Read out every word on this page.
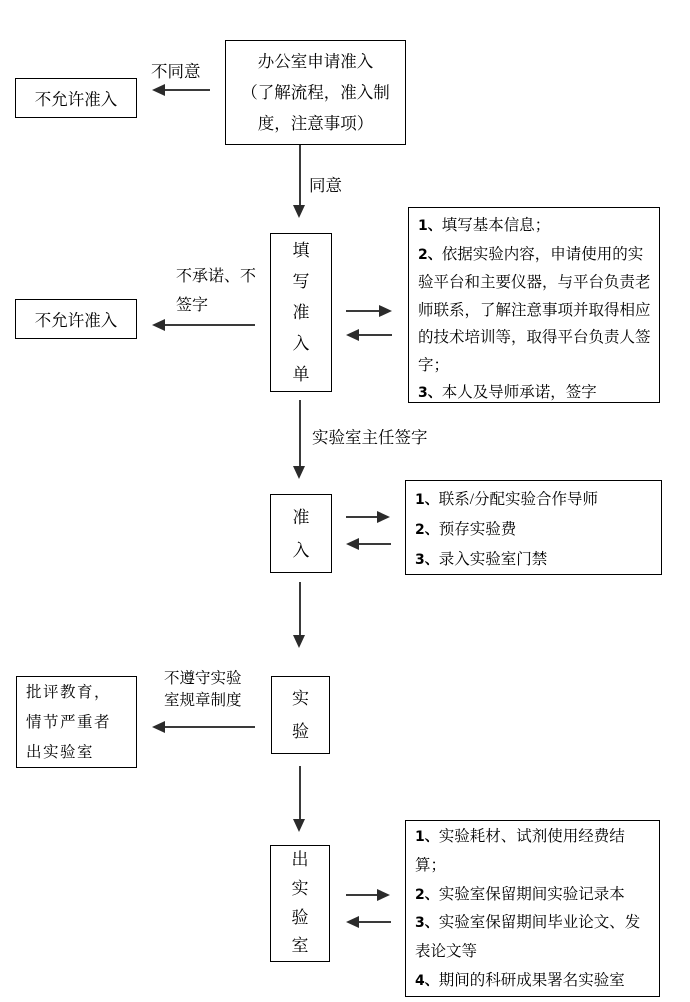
办公室申请准入
（了解流程，准入制
度，注意事项）
不允许准入
填写准入单
不允许准入
1、填写基本信息；
2、依据实验内容，申请使用的实验平台和主要仪器，与平台负责老师联系，了解注意事项并取得相应的技术培训等，取得平台负责人签字；
3、本人及导师承诺，签字
准入
1、联系/分配实验合作导师
2、预存实验费
3、录入实验室门禁
实验
批评教育，
情节严重者
出实验室
出实验室
1、实验耗材、试剂使用经费结算；
2、实验室保留期间实验记录本
3、实验室保留期间毕业论文、发表论文等
4、期间的科研成果署名实验室
不同意
同意
不承诺、不签字
实验室主任签字
不遵守实验室规章制度
